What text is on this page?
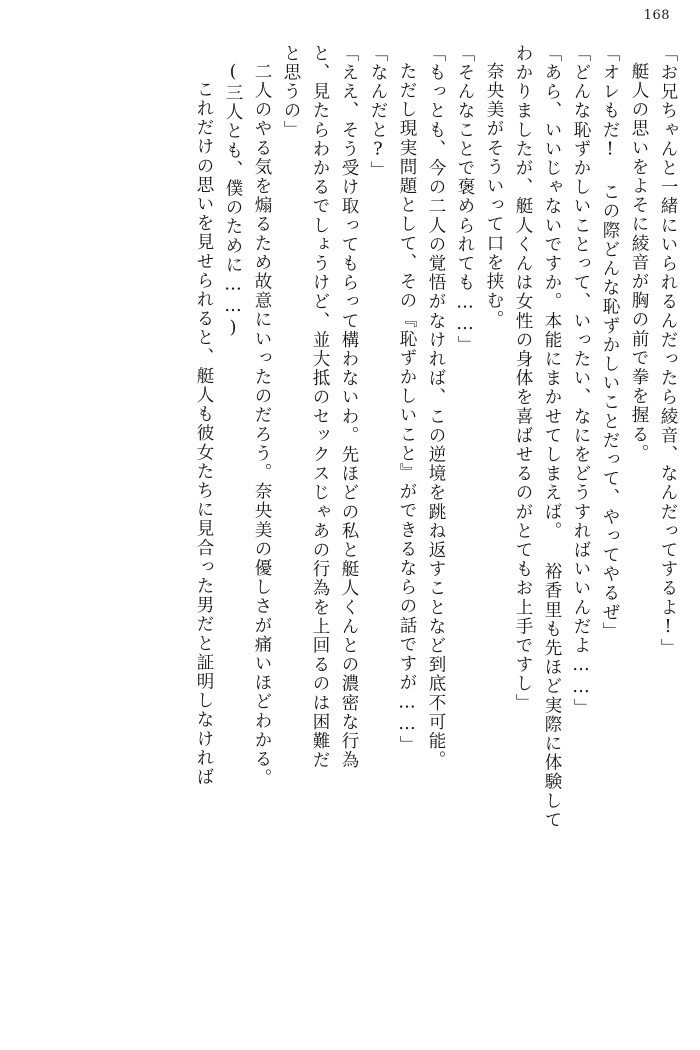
168
「お兄ちゃんと一緒にいられるんだったら綾音、なんだってするよ!」
艇人の思いをよそに綾音が胸の前で拳を握る。
「オレもだ! この際どんな恥ずかしいことだって、やってやるぜ」
「どんな恥ずかしいことって、いったい、なにをどうすればいいんだよ……」
「あら、いいじゃないですか。本能にまかせてしまえば。 裕香里も先ほど実際に体験して
わかりましたが、艇人くんは女性の身体を喜ばせるのがとてもお上手ですし」
奈央美がそういって口を挟む。
「そんなことで褒められても……」
「もっとも、今の二人の覚悟がなければ、この逆境を跳ね返すことなど到底不可能。
ただし現実問題として、その『恥ずかしいこと』ができるならの話ですが……」
「なんだと?」
「ええ、そう受け取ってもらって構わないわ。先ほどの私と艇人くんとの濃密な行為
と、見たらわかるでしょうけど、並大抵のセックスじゃあの行為を上回るのは困難だ
と思うの」
二人のやる気を煽るため故意にいったのだろう。奈央美の優しさが痛いほどわかる。
(三人とも、僕のために……)
これだけの思いを見せられると、艇人も彼女たちに見合った男だと証明しなければ
